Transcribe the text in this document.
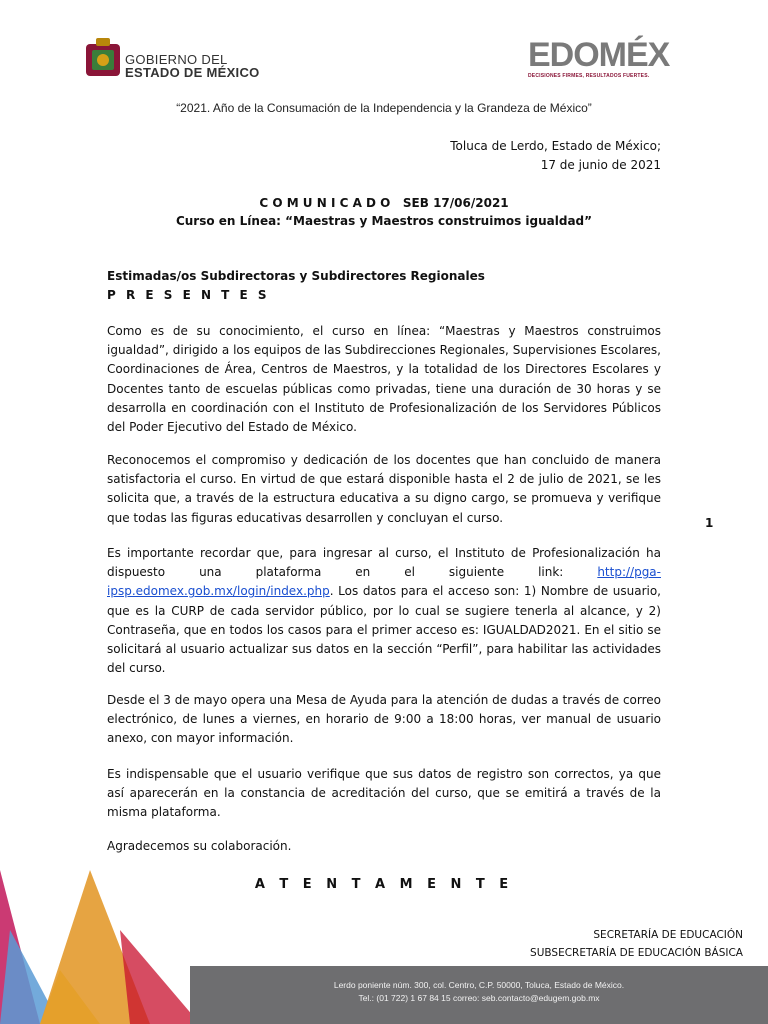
GOBIERNO DEL
ESTADO DE MÉXICO	EDOMÉX
DECISIONES FIRMES, RESULTADOS FUERTES.
“2021. Año de la Consumación de la Independencia y la Grandeza de México”
Toluca de Lerdo, Estado de México;
17 de junio de 2021
C O M U N I C A D O   SEB 17/06/2021
Curso en Línea: “Maestras y Maestros construimos igualdad”
Estimadas/os Subdirectoras y Subdirectores Regionales
P R E S E N T E S
Como es de su conocimiento, el curso en línea: “Maestras y Maestros construimos igualdad”, dirigido a los equipos de las Subdirecciones Regionales, Supervisiones Escolares, Coordinaciones de Área, Centros de Maestros, y la totalidad de los Directores Escolares y Docentes tanto de escuelas públicas como privadas, tiene una duración de 30 horas y se desarrolla en coordinación con el Instituto de Profesionalización de los Servidores Públicos del Poder Ejecutivo del Estado de México.
Reconocemos el compromiso y dedicación de los docentes que han concluido de manera satisfactoria el curso. En virtud de que estará disponible hasta el 2 de julio de 2021, se les solicita que, a través de la estructura educativa a su digno cargo, se promueva y verifique que todas las figuras educativas desarrollen y concluyan el curso.
Es importante recordar que, para ingresar al curso, el Instituto de Profesionalización ha dispuesto una plataforma en el siguiente link: http://pga-ipsp.edomex.gob.mx/login/index.php. Los datos para el acceso son: 1) Nombre de usuario, que es la CURP de cada servidor público, por lo cual se sugiere tenerla al alcance, y 2) Contraseña, que en todos los casos para el primer acceso es: IGUALDAD2021. En el sitio se solicitará al usuario actualizar sus datos en la sección “Perfil”, para habilitar las actividades del curso.
Desde el 3 de mayo opera una Mesa de Ayuda para la atención de dudas a través de correo electrónico, de lunes a viernes, en horario de 9:00 a 18:00 horas, ver manual de usuario anexo, con mayor información.
Es indispensable que el usuario verifique que sus datos de registro son correctos, ya que así aparecerán en la constancia de acreditación del curso, que se emitirá a través de la misma plataforma.
Agradecemos su colaboración.
1
A T E N T A M E N T E
SECRETARÍA DE EDUCACIÓN
SUBSECRETARÍA DE EDUCACIÓN BÁSICA
Lerdo poniente núm. 300, col. Centro, C.P. 50000, Toluca, Estado de México.
Tel.: (01 722) 1 67 84 15 correo: seb.contacto@edugem.gob.mx
